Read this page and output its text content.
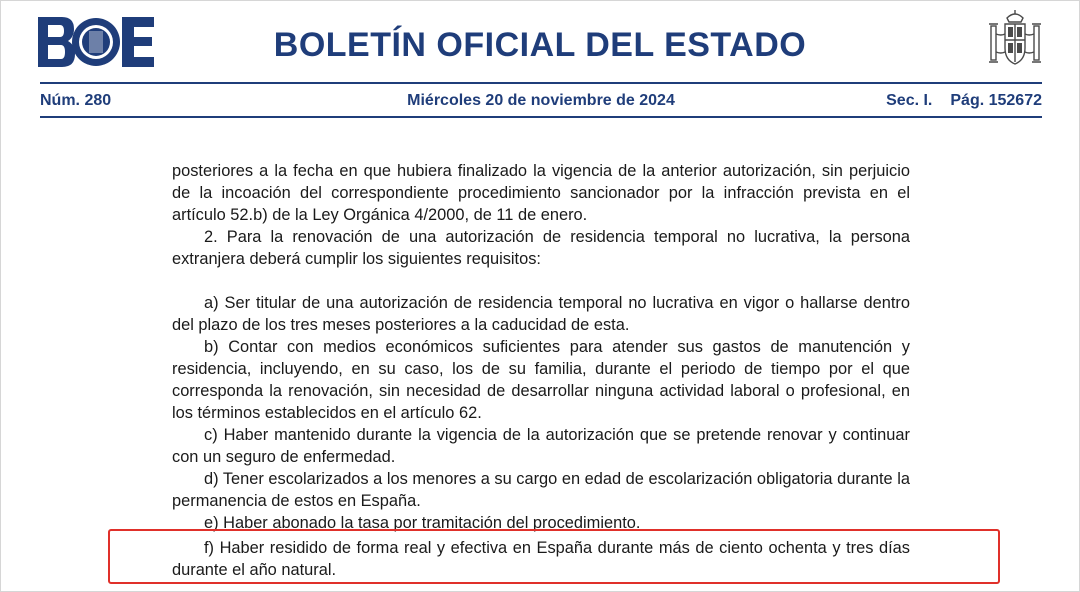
BOLETÍN OFICIAL DEL ESTADO
Núm. 280	Miércoles 20 de noviembre de 2024	Sec. I. Pág. 152672

posteriores a la fecha en que hubiera finalizado la vigencia de la anterior autorización, sin perjuicio de la incoación del correspondiente procedimiento sancionador por la infracción prevista en el artículo 52.b) de la Ley Orgánica 4/2000, de 11 de enero.

2. Para la renovación de una autorización de residencia temporal no lucrativa, la persona extranjera deberá cumplir los siguientes requisitos:

a) Ser titular de una autorización de residencia temporal no lucrativa en vigor o hallarse dentro del plazo de los tres meses posteriores a la caducidad de esta.

b) Contar con medios económicos suficientes para atender sus gastos de manutención y residencia, incluyendo, en su caso, los de su familia, durante el periodo de tiempo por el que corresponda la renovación, sin necesidad de desarrollar ninguna actividad laboral o profesional, en los términos establecidos en el artículo 62.

c) Haber mantenido durante la vigencia de la autorización que se pretende renovar y continuar con un seguro de enfermedad.

d) Tener escolarizados a los menores a su cargo en edad de escolarización obligatoria durante la permanencia de estos en España.

e) Haber abonado la tasa por tramitación del procedimiento.

f) Haber residido de forma real y efectiva en España durante más de ciento ochenta y tres días durante el año natural.
